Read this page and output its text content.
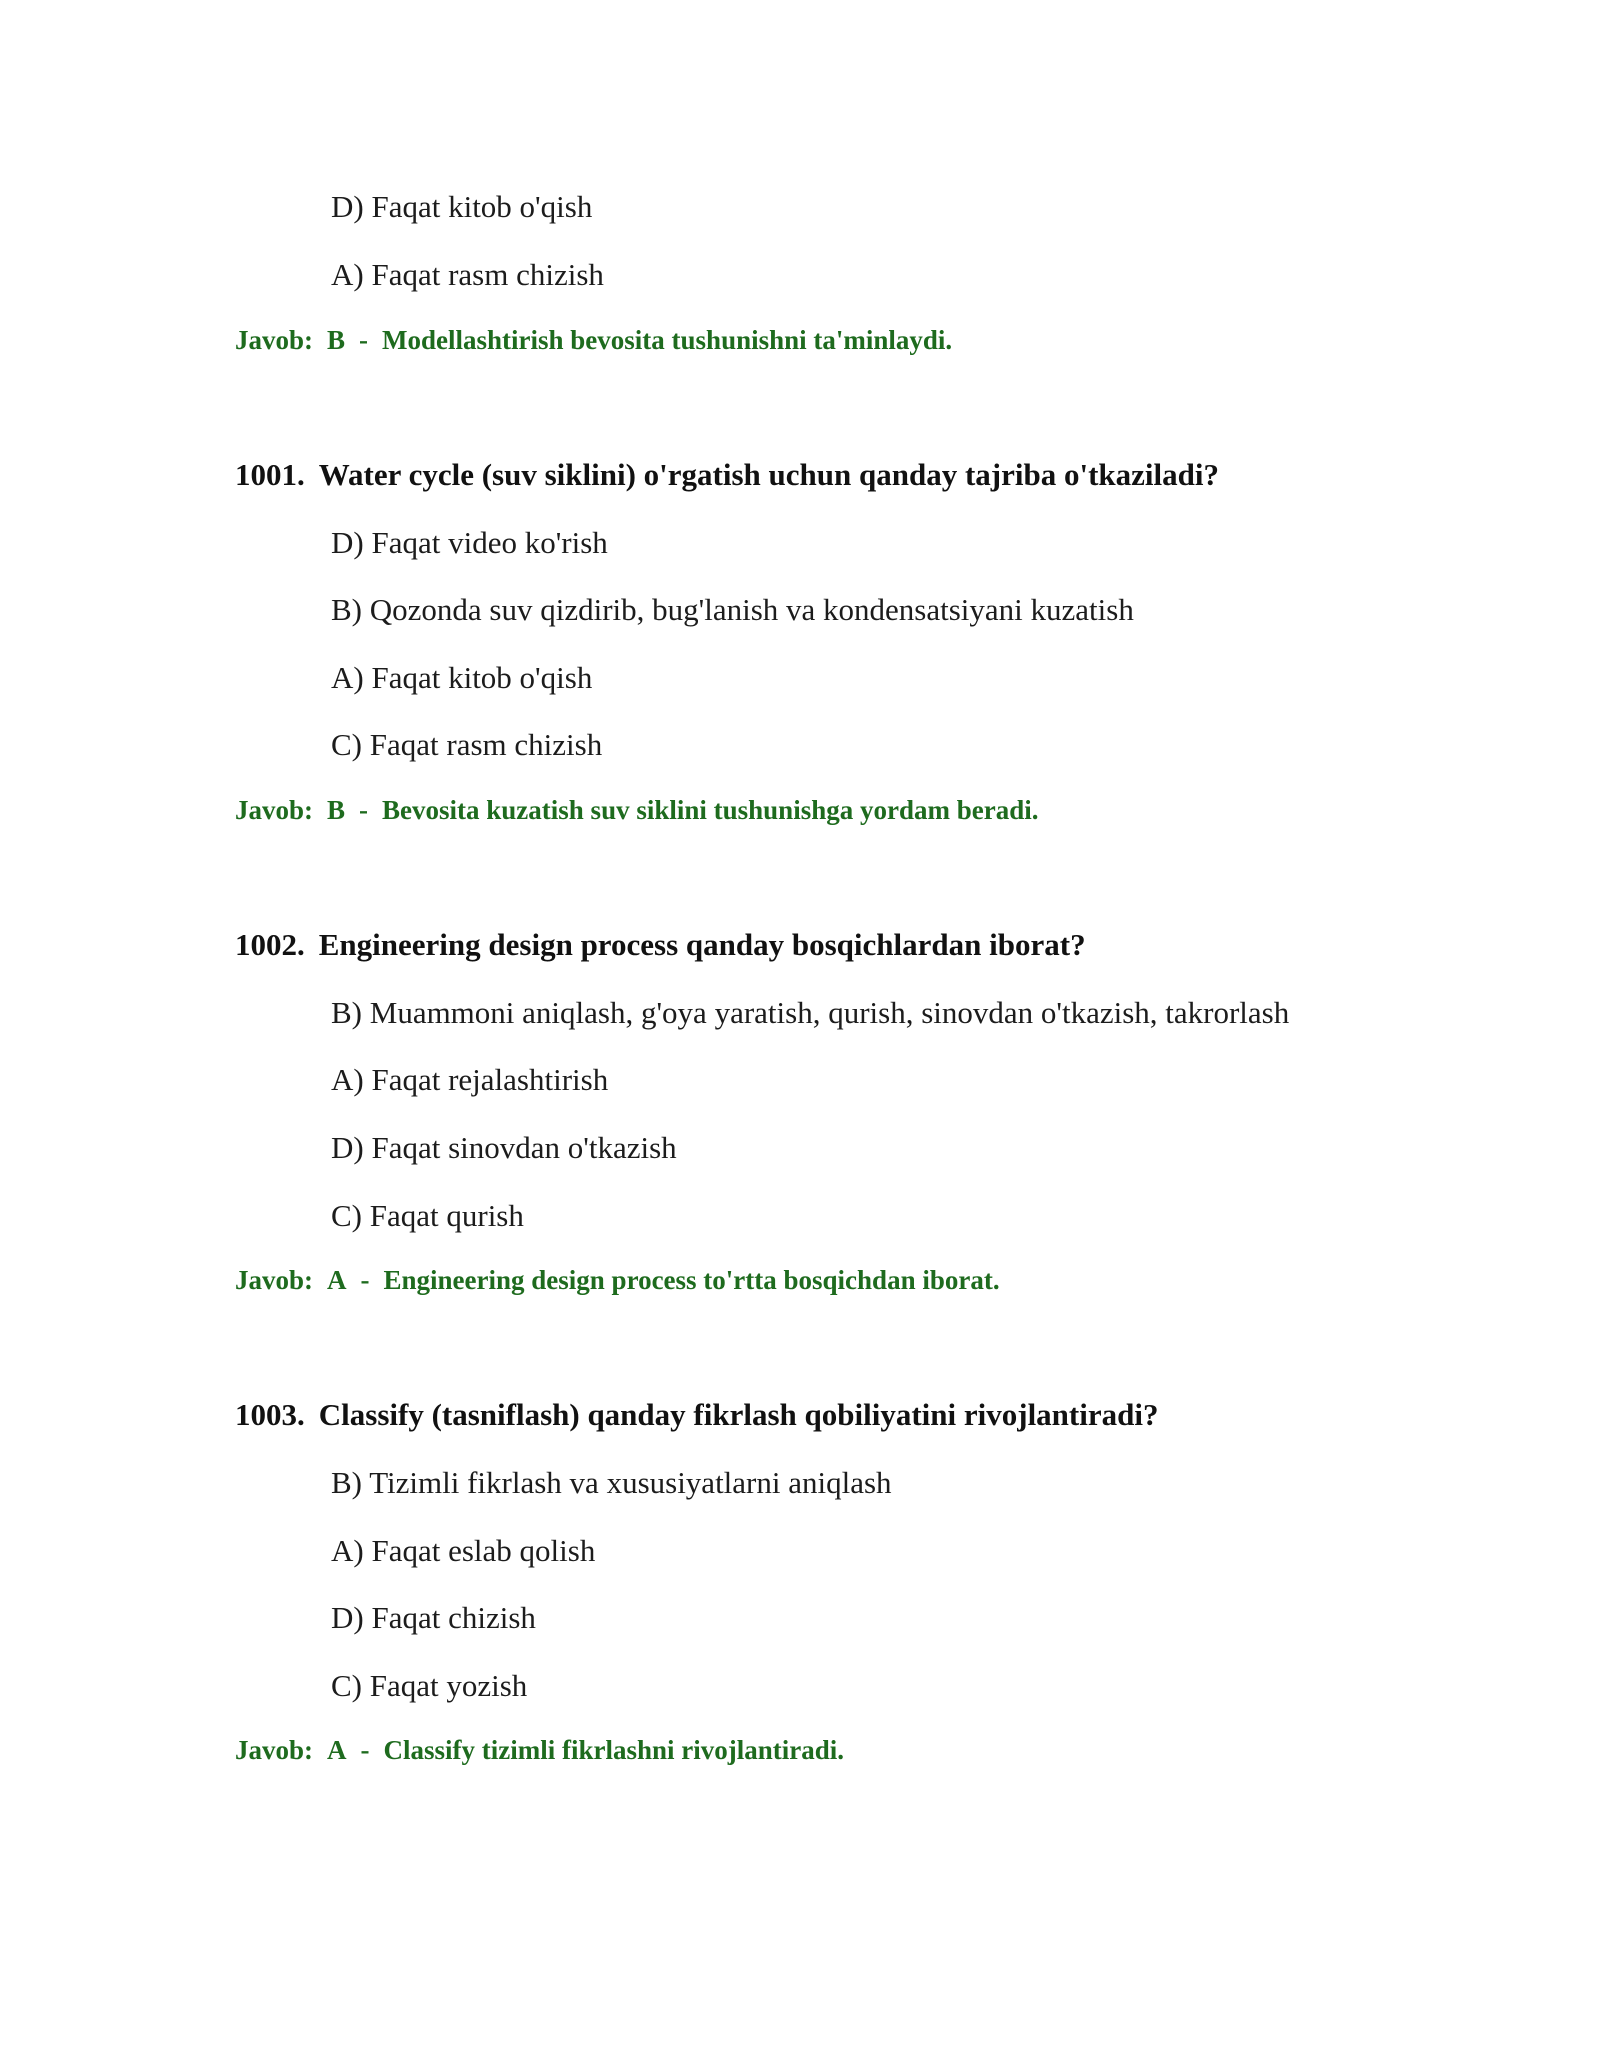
D) Faqat kitob o'qish
A) Faqat rasm chizish
Javob: B - Modellashtirish bevosita tushunishni ta'minlaydi.
1001. Water cycle (suv siklini) o'rgatish uchun qanday tajriba o'tkaziladi?
D) Faqat video ko'rish
B) Qozonda suv qizdirib, bug'lanish va kondensatsiyani kuzatish
A) Faqat kitob o'qish
C) Faqat rasm chizish
Javob: B - Bevosita kuzatish suv siklini tushunishga yordam beradi.
1002. Engineering design process qanday bosqichlardan iborat?
B) Muammoni aniqlash, g'oya yaratish, qurish, sinovdan o'tkazish, takrorlash
A) Faqat rejalashtirish
D) Faqat sinovdan o'tkazish
C) Faqat qurish
Javob: A - Engineering design process to'rtta bosqichdan iborat.
1003. Classify (tasniflash) qanday fikrlash qobiliyatini rivojlantiradi?
B) Tizimli fikrlash va xususiyatlarni aniqlash
A) Faqat eslab qolish
D) Faqat chizish
C) Faqat yozish
Javob: A - Classify tizimli fikrlashni rivojlantiradi.
